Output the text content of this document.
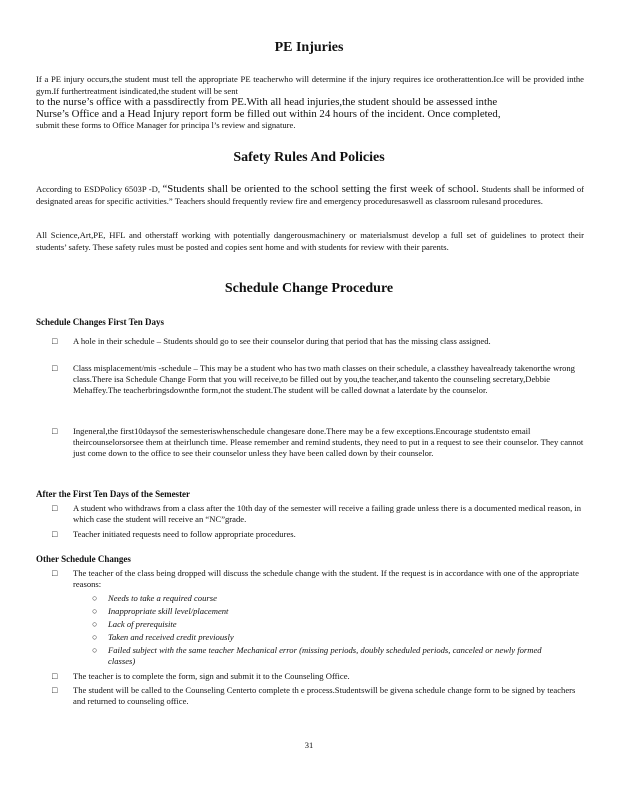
PE Injuries
If a PE injury occurs,the student must tell the appropriate PE teacherwho will determine if the injury requires ice orotherattention.Ice will be provided inthe gym.If furthertreatment isindicated,the student will be sent
to the nurse’s office with a passdirectly from PE.With all head injuries,the student should be assessed inthe
Nurse’s Office and a Head Injury report form be filled out within 24 hours of the incident. Once completed,
submit these forms to Office Manager for principa l’s review and signature.
Safety Rules And Policies
According to ESDPolicy 6503P -D, “Students shall be oriented to the school setting the first week of school. Students shall be informed of designated areas for specific activities.” Teachers should frequently review fire and emergency proceduresaswell as classroom rulesand procedures.
All Science,Art,PE, HFL and otherstaff working with potentially dangerousmachinery or materialsmust develop a full set of guidelines to protect their students’ safety. These safety rules must be posted and copies sent home and with students for review with their parents.
Schedule Change Procedure
Schedule Changes First Ten Days
□ A hole in their schedule – Students should go to see their counselor during that period that has the missing class assigned.
□ Class misplacement/mis -schedule – This may be a student who has two math classes on their schedule, a classthey havealready takenorthe wrong class.There isa Schedule Change Form that you will receive,to be filled out by you,the teacher,and takento the counseling secretary,Debbie Mehaffey.The teacherbringsdownthe form,not the student.The student will be called downat a laterdate by the counselor.
□ Ingeneral,the first10daysof the semesteriswhenschedule changesare done.There may be a few exceptions.Encourage studentsto email theircounselorsorsee them at theirlunch time. Please remember and remind students, they need to put in a request to see their counselor. They cannot just come down to the office to see their counselor unless they have been called down by their counselor.
After the First Ten Days of the Semester
□ A student who withdraws from a class after the 10th day of the semester will receive a failing grade unless there is a documented medical reason, in which case the student will receive an “NC”grade.
□ Teacher initiated requests need to follow appropriate procedures.
Other Schedule Changes
□ The teacher of the class being dropped will discuss the schedule change with the student. If the request is in accordance with one of the appropriate reasons:
○ Needs to take a required course
○ Inappropriate skill level/placement
○ Lack of prerequisite
○ Taken and received credit previously
○ Failed subject with the same teacher Mechanical error (missing periods, doubly scheduled periods, canceled or newly formed classes)
□ The teacher is to complete the form, sign and submit it to the Counseling Office.
□ The student will be called to the Counseling Centerto complete th e process.Studentswill be givena schedule change form to be signed by teachers and returned to counseling office.
31
